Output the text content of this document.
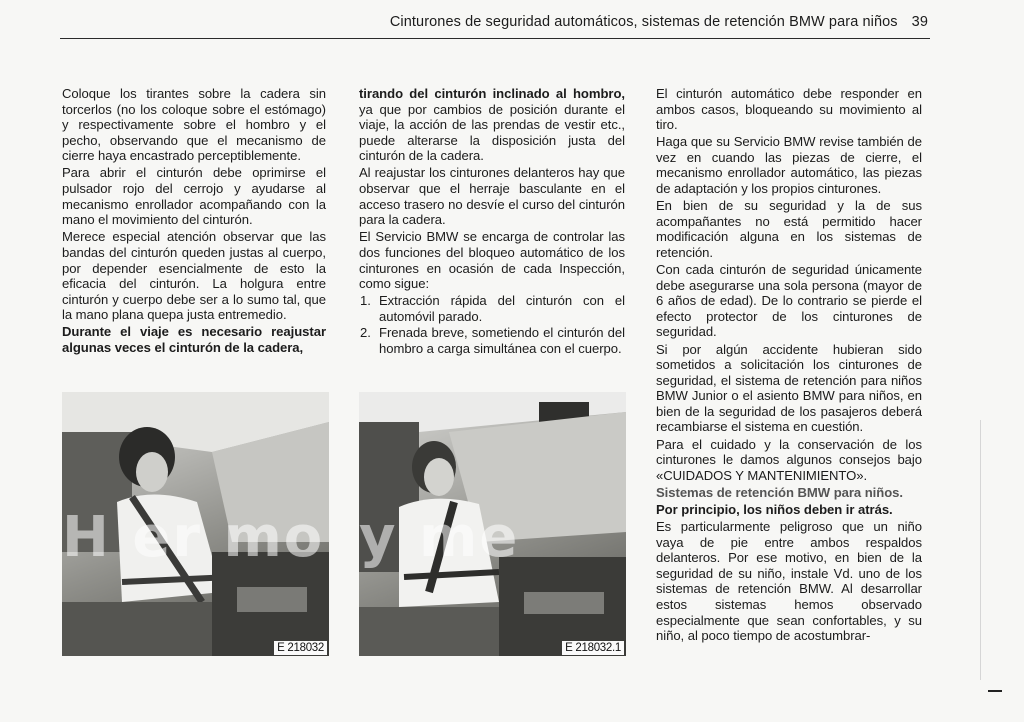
Cinturones de seguridad automáticos, sistemas de retención BMW para niños 39

Coloque los tirantes sobre la cadera sin torcerlos (no los coloque sobre el estómago) y respectivamente sobre el hombro y el pecho, observando que el mecanismo de cierre haya encastrado perceptiblemente.

Para abrir el cinturón debe oprimirse el pulsador rojo del cerrojo y ayudarse al mecanismo enrollador acompañando con la mano el movimiento del cinturón.

Merece especial atención observar que las bandas del cinturón queden justas al cuerpo, por depender esencialmente de esto la eficacia del cinturón. La holgura entre cinturón y cuerpo debe ser a lo sumo tal, que la mano plana quepa justa entremedio.

Durante el viaje es necesario reajustar algunas veces el cinturón de la cadera,

tirando del cinturón inclinado al hombro, ya que por cambios de posición durante el viaje, la acción de las prendas de vestir etc., puede alterarse la disposición justa del cinturón de la cadera.

Al reajustar los cinturones delanteros hay que observar que el herraje basculante en el acceso trasero no desvíe el curso del cinturón para la cadera.

El Servicio BMW se encarga de controlar las dos funciones del bloqueo automático de los cinturones en ocasión de cada Inspección, como sigue:

1. Extracción rápida del cinturón con el automóvil parado.
2. Frenada breve, sometiendo el cinturón del hombro a carga simultánea con el cuerpo.

El cinturón automático debe responder en ambos casos, bloqueando su movimiento al tiro.

Haga que su Servicio BMW revise también de vez en cuando las piezas de cierre, el mecanismo enrollador automático, las piezas de adaptación y los propios cinturones.

En bien de su seguridad y la de sus acompañantes no está permitido hacer modificación alguna en los sistemas de retención.

Con cada cinturón de seguridad únicamente debe asegurarse una sola persona (mayor de 6 años de edad). De lo contrario se pierde el efecto protector de los cinturones de seguridad.

Si por algún accidente hubieran sido sometidos a solicitación los cinturones de seguridad, el sistema de retención para niños BMW Junior o el asiento BMW para niños, en bien de la seguridad de los pasajeros deberá recambiarse el sistema en cuestión.

Para el cuidado y la conservación de los cinturones le damos algunos consejos bajo «CUIDADOS Y MANTENIMIENTO».

Sistemas de retención BMW para niños.

Por principio, los niños deben ir atrás.

Es particularmente peligroso que un niño vaya de pie entre ambos respaldos delanteros. Por ese motivo, en bien de la seguridad de su niño, instale Vd. uno de los sistemas de retención BMW. Al desarrollar estos sistemas hemos observado especialmente que sean confortables, y su niño, al poco tiempo de acostumbrar-

E 218032	E 218032.1
H er mo y me
